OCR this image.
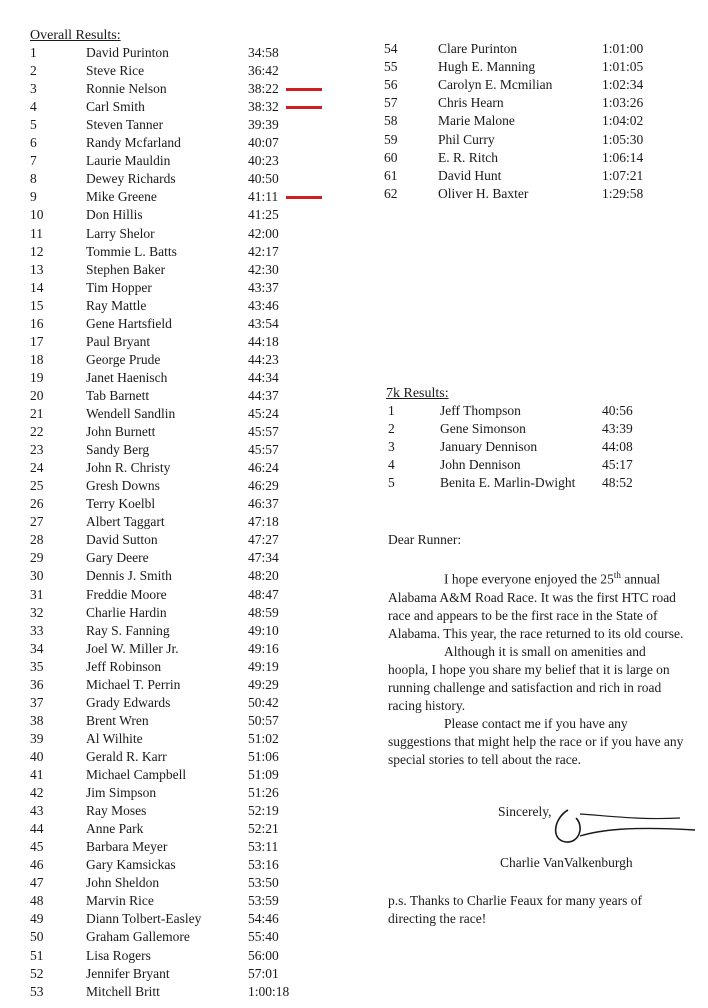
Overall Results:
1	David Purinton	34:58
2	Steve Rice	36:42
3	Ronnie Nelson	38:22
4	Carl Smith	38:32
5	Steven Tanner	39:39
6	Randy Mcfarland	40:07
7	Laurie Mauldin	40:23
8	Dewey Richards	40:50
9	Mike Greene	41:11
10	Don Hillis	41:25
11	Larry Shelor	42:00
12	Tommie L. Batts	42:17
13	Stephen Baker	42:30
14	Tim Hopper	43:37
15	Ray Mattle	43:46
16	Gene Hartsfield	43:54
17	Paul Bryant	44:18
18	George Prude	44:23
19	Janet Haenisch	44:34
20	Tab Barnett	44:37
21	Wendell Sandlin	45:24
22	John Burnett	45:57
23	Sandy Berg	45:57
24	John R. Christy	46:24
25	Gresh Downs	46:29
26	Terry Koelbl	46:37
27	Albert Taggart	47:18
28	David Sutton	47:27
29	Gary Deere	47:34
30	Dennis J. Smith	48:20
31	Freddie Moore	48:47
32	Charlie Hardin	48:59
33	Ray S. Fanning	49:10
34	Joel W. Miller Jr.	49:16
35	Jeff Robinson	49:19
36	Michael T. Perrin	49:29
37	Grady Edwards	50:42
38	Brent Wren	50:57
39	Al Wilhite	51:02
40	Gerald R. Karr	51:06
41	Michael Campbell	51:09
42	Jim Simpson	51:26
43	Ray Moses	52:19
44	Anne Park	52:21
45	Barbara Meyer	53:11
46	Gary Kamsickas	53:16
47	John Sheldon	53:50
48	Marvin Rice	53:59
49	Diann Tolbert-Easley	54:46
50	Graham Gallemore	55:40
51	Lisa Rogers	56:00
52	Jennifer Bryant	57:01
53	Mitchell Britt	1:00:18
54	Clare Purinton	1:01:00
55	Hugh E. Manning	1:01:05
56	Carolyn E. Mcmilian	1:02:34
57	Chris Hearn	1:03:26
58	Marie Malone	1:04:02
59	Phil Curry	1:05:30
60	E. R. Ritch	1:06:14
61	David Hunt	1:07:21
62	Oliver H. Baxter	1:29:58
7k Results:
1	Jeff Thompson	40:56
2	Gene Simonson	43:39
3	January Dennison	44:08
4	John Dennison	45:17
5	Benita E. Marlin-Dwight 48:52
Dear Runner:

I hope everyone enjoyed the 25th annual Alabama A&M Road Race. It was the first HTC road race and appears to be the first race in the State of Alabama. This year, the race returned to its old course.

Although it is small on amenities and hoopla, I hope you share my belief that it is large on running challenge and satisfaction and rich in road racing history.

Please contact me if you have any suggestions that might help the race or if you have any special stories to tell about the race.

Sincerely,
Charlie VanValkenburgh
p.s. Thanks to Charlie Feaux for many years of directing the race!
